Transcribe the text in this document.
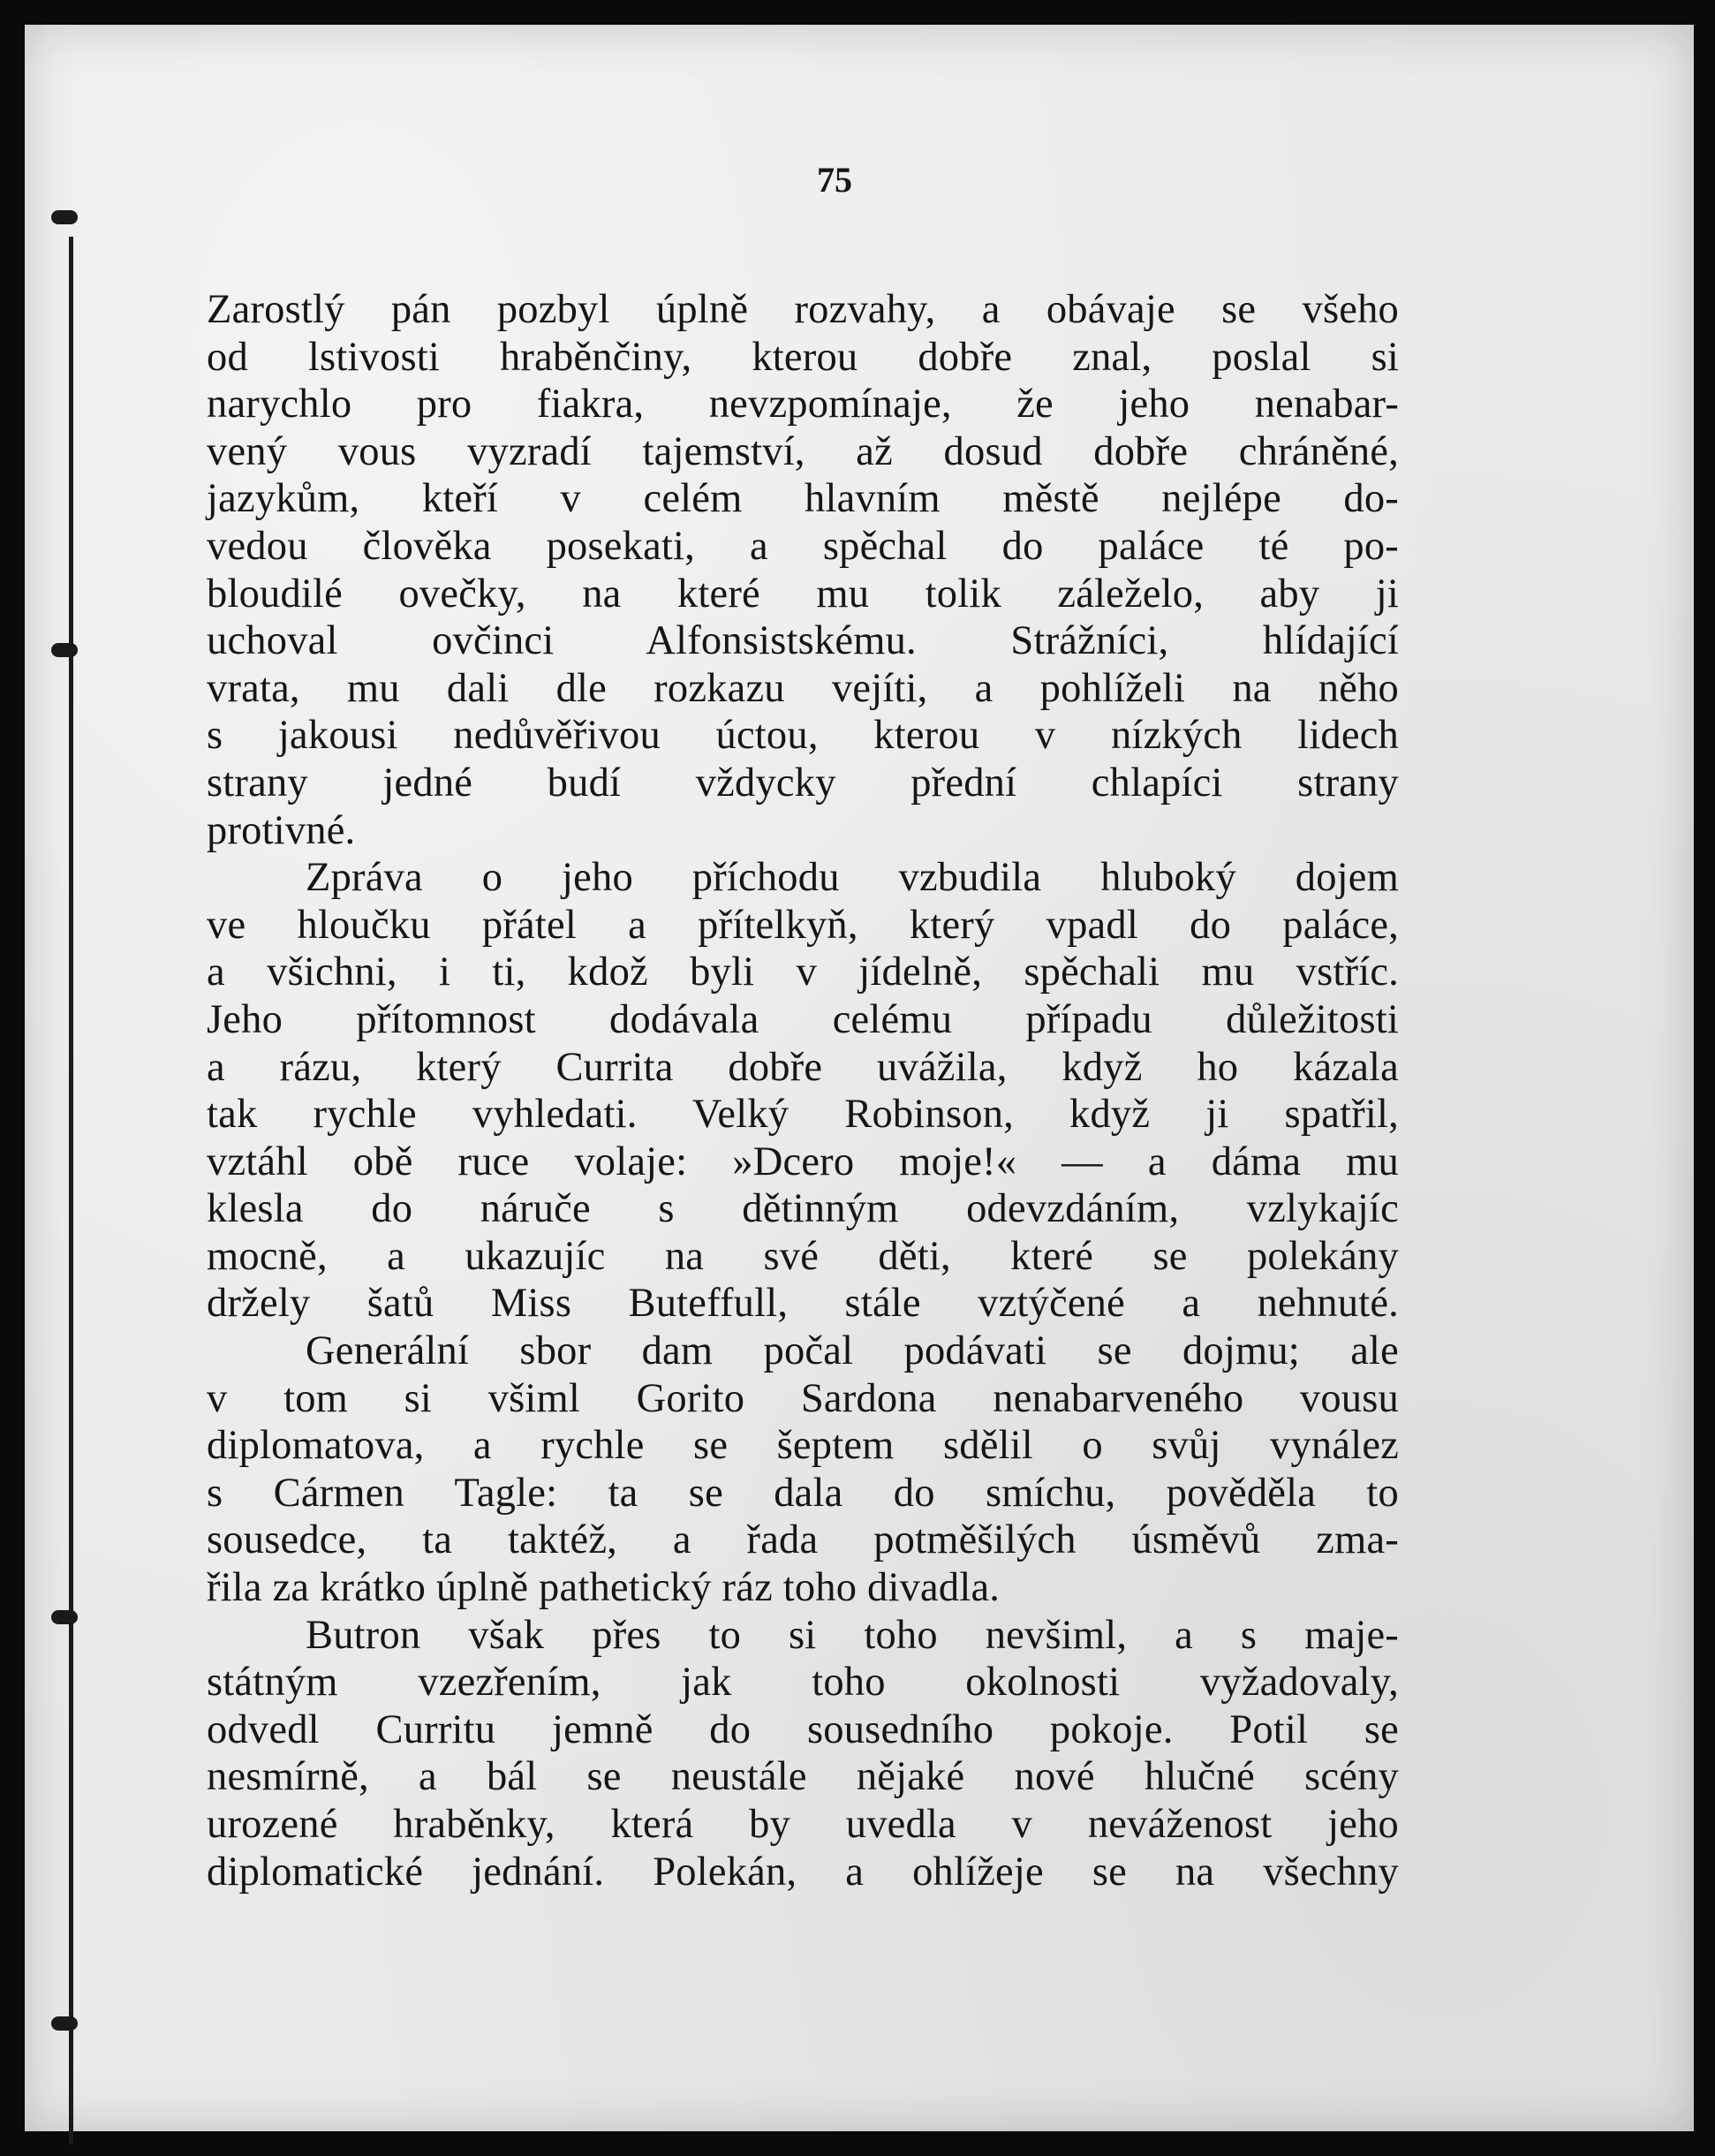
75
Zarostlý pán pozbyl úplně rozvahy, a obávaje se všeho
od lstivosti hraběnčiny, kterou dobře znal, poslal si
narychlo pro fiakra, nevzpomínaje, že jeho nenabar-
vený vous vyzradí tajemství, až dosud dobře chráněné,
jazykům, kteří v celém hlavním městě nejlépe do-
vedou člověka posekati, a spěchal do paláce té po-
bloudilé ovečky, na které mu tolik záleželo, aby ji
uchoval ovčinci Alfonsistskému. Strážníci, hlídající
vrata, mu dali dle rozkazu vejíti, a pohlíželi na něho
s jakousi nedůvěřivou úctou, kterou v nízkých lidech
strany jedné budí vždycky přední chlapíci strany
protivné.
Zpráva o jeho příchodu vzbudila hluboký dojem
ve hloučku přátel a přítelkyň, který vpadl do paláce,
a všichni, i ti, kdož byli v jídelně, spěchali mu vstříc.
Jeho přítomnost dodávala celému případu důležitosti
a rázu, který Currita dobře uvážila, když ho kázala
tak rychle vyhledati. Velký Robinson, když ji spatřil,
vztáhl obě ruce volaje: »Dcero moje!« — a dáma mu
klesla do náruče s dětinným odevzdáním, vzlykajíc
mocně, a ukazujíc na své děti, které se polekány
držely šatů Miss Buteffull, stále vztýčené a nehnuté.
Generální sbor dam počal podávati se dojmu; ale
v tom si všiml Gorito Sardona nenabarveného vousu
diplomatova, a rychle se šeptem sdělil o svůj vynález
s Cármen Tagle: ta se dala do smíchu, pověděla to
sousedce, ta taktéž, a řada potměšilých úsměvů zma-
řila za krátko úplně pathetický ráz toho divadla.
Butron však přes to si toho nevšiml, a s maje-
státným vzezřením, jak toho okolnosti vyžadovaly,
odvedl Curritu jemně do sousedního pokoje. Potil se
nesmírně, a bál se neustále nějaké nové hlučné scény
urozené hraběnky, která by uvedla v neváženost jeho
diplomatické jednání. Polekán, a ohlížeje se na všechny
